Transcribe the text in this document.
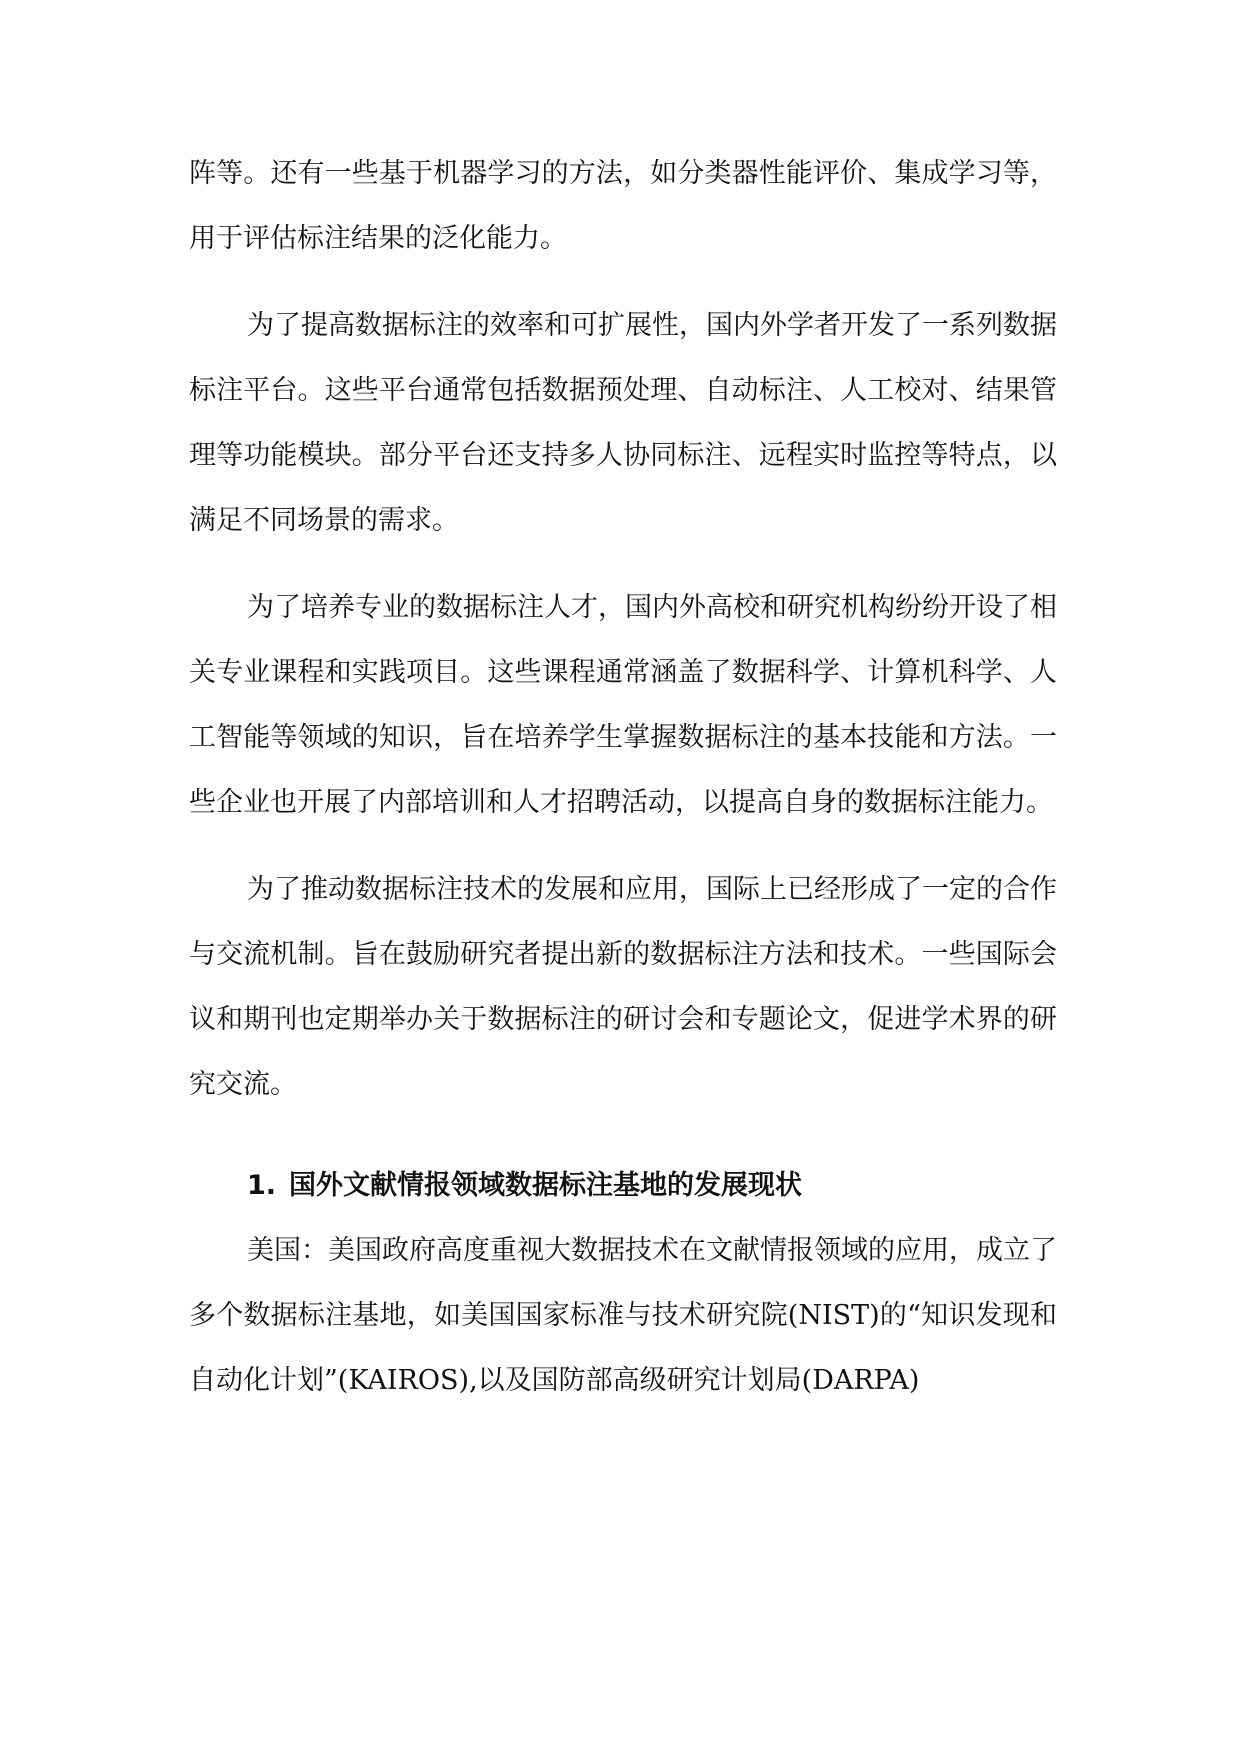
阵等。还有一些基于机器学习的方法，如分类器性能评价、集成学习等，用于评估标注结果的泛化能力。

为了提高数据标注的效率和可扩展性，国内外学者开发了一系列数据标注平台。这些平台通常包括数据预处理、自动标注、人工校对、结果管理等功能模块。部分平台还支持多人协同标注、远程实时监控等特点，以满足不同场景的需求。

为了培养专业的数据标注人才，国内外高校和研究机构纷纷开设了相关专业课程和实践项目。这些课程通常涵盖了数据科学、计算机科学、人工智能等领域的知识，旨在培养学生掌握数据标注的基本技能和方法。一些企业也开展了内部培训和人才招聘活动，以提高自身的数据标注能力。

为了推动数据标注技术的发展和应用，国际上已经形成了一定的合作与交流机制。旨在鼓励研究者提出新的数据标注方法和技术。一些国际会议和期刊也定期举办关于数据标注的研讨会和专题论文，促进学术界的研究交流。

1. 国外文献情报领域数据标注基地的发展现状

美国：美国政府高度重视大数据技术在文献情报领域的应用，成立了多个数据标注基地，如美国国家标准与技术研究院(NIST)的“知识发现和自动化计划”(KAIROS),以及国防部高级研究计划局(DARPA)
